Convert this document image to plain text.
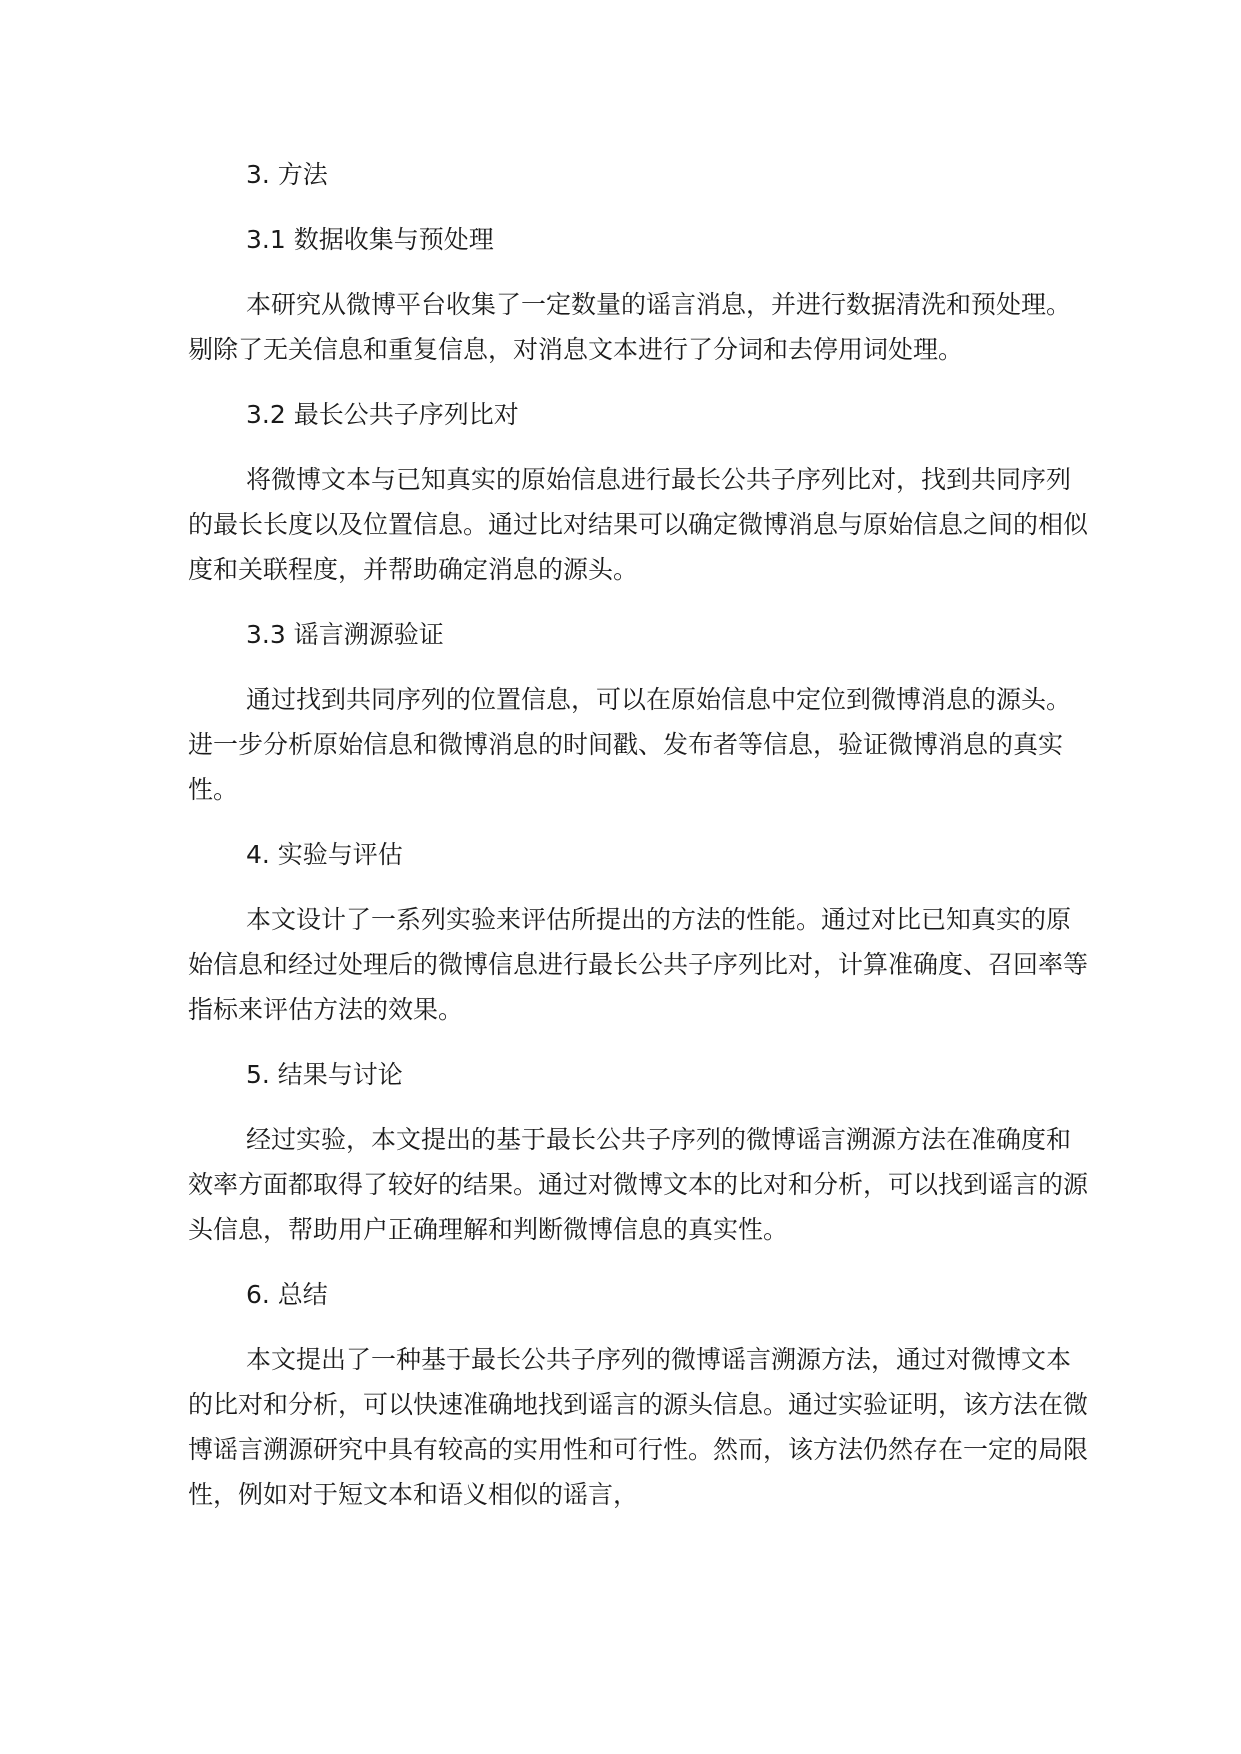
3. 方法

3.1 数据收集与预处理

本研究从微博平台收集了一定数量的谣言消息，并进行数据清洗和预处理。剔除了无关信息和重复信息，对消息文本进行了分词和去停用词处理。

3.2 最长公共子序列比对

将微博文本与已知真实的原始信息进行最长公共子序列比对，找到共同序列的最长长度以及位置信息。通过比对结果可以确定微博消息与原始信息之间的相似度和关联程度，并帮助确定消息的源头。

3.3 谣言溯源验证

通过找到共同序列的位置信息，可以在原始信息中定位到微博消息的源头。进一步分析原始信息和微博消息的时间戳、发布者等信息，验证微博消息的真实性。

4. 实验与评估

本文设计了一系列实验来评估所提出的方法的性能。通过对比已知真实的原始信息和经过处理后的微博信息进行最长公共子序列比对，计算准确度、召回率等指标来评估方法的效果。

5. 结果与讨论

经过实验，本文提出的基于最长公共子序列的微博谣言溯源方法在准确度和效率方面都取得了较好的结果。通过对微博文本的比对和分析，可以找到谣言的源头信息，帮助用户正确理解和判断微博信息的真实性。

6. 总结

本文提出了一种基于最长公共子序列的微博谣言溯源方法，通过对微博文本的比对和分析，可以快速准确地找到谣言的源头信息。通过实验证明，该方法在微博谣言溯源研究中具有较高的实用性和可行性。然而，该方法仍然存在一定的局限性，例如对于短文本和语义相似的谣言，
